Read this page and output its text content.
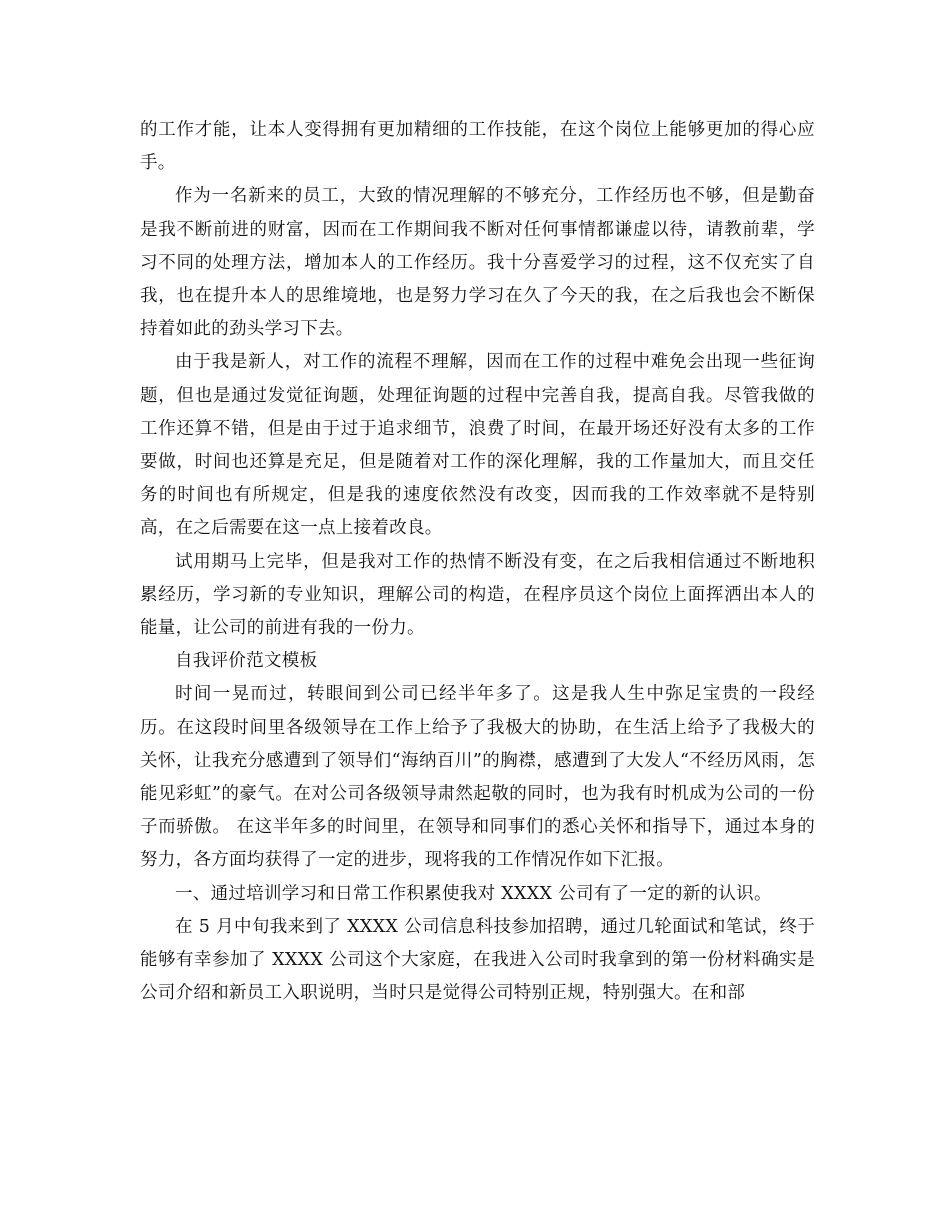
的工作才能，让本人变得拥有更加精细的工作技能，在这个岗位上能够更加的得心应手。

作为一名新来的员工，大致的情况理解的不够充分，工作经历也不够，但是勤奋是我不断前进的财富，因而在工作期间我不断对任何事情都谦虚以待，请教前辈，学习不同的处理方法，增加本人的工作经历。我十分喜爱学习的过程，这不仅充实了自我，也在提升本人的思维境地，也是努力学习在久了今天的我，在之后我也会不断保持着如此的劲头学习下去。

由于我是新人，对工作的流程不理解，因而在工作的过程中难免会出现一些征询题，但也是通过发觉征询题，处理征询题的过程中完善自我，提高自我。尽管我做的工作还算不错，但是由于过于追求细节，浪费了时间，在最开场还好没有太多的工作要做，时间也还算是充足，但是随着对工作的深化理解，我的工作量加大，而且交任务的时间也有所规定，但是我的速度依然没有改变，因而我的工作效率就不是特别高，在之后需要在这一点上接着改良。

试用期马上完毕，但是我对工作的热情不断没有变，在之后我相信通过不断地积累经历，学习新的专业知识，理解公司的构造，在程序员这个岗位上面挥洒出本人的能量，让公司的前进有我的一份力。

自我评价范文模板

时间一晃而过，转眼间到公司已经半年多了。这是我人生中弥足宝贵的一段经历。在这段时间里各级领导在工作上给予了我极大的协助，在生活上给予了我极大的关怀，让我充分感遭到了领导们“海纳百川”的胸襟，感遭到了大发人“不经历风雨，怎能见彩虹”的豪气。在对公司各级领导肃然起敬的同时，也为我有时机成为公司的一份子而骄傲。 在这半年多的时间里，在领导和同事们的悉心关怀和指导下，通过本身的努力，各方面均获得了一定的进步，现将我的工作情况作如下汇报。

一、通过培训学习和日常工作积累使我对 XXXX 公司有了一定的新的认识。

在 5 月中旬我来到了 XXXX 公司信息科技参加招聘，通过几轮面试和笔试，终于能够有幸参加了 XXXX 公司这个大家庭，在我进入公司时我拿到的第一份材料确实是公司介绍和新员工入职说明，当时只是觉得公司特别正规，特别强大。在和部
